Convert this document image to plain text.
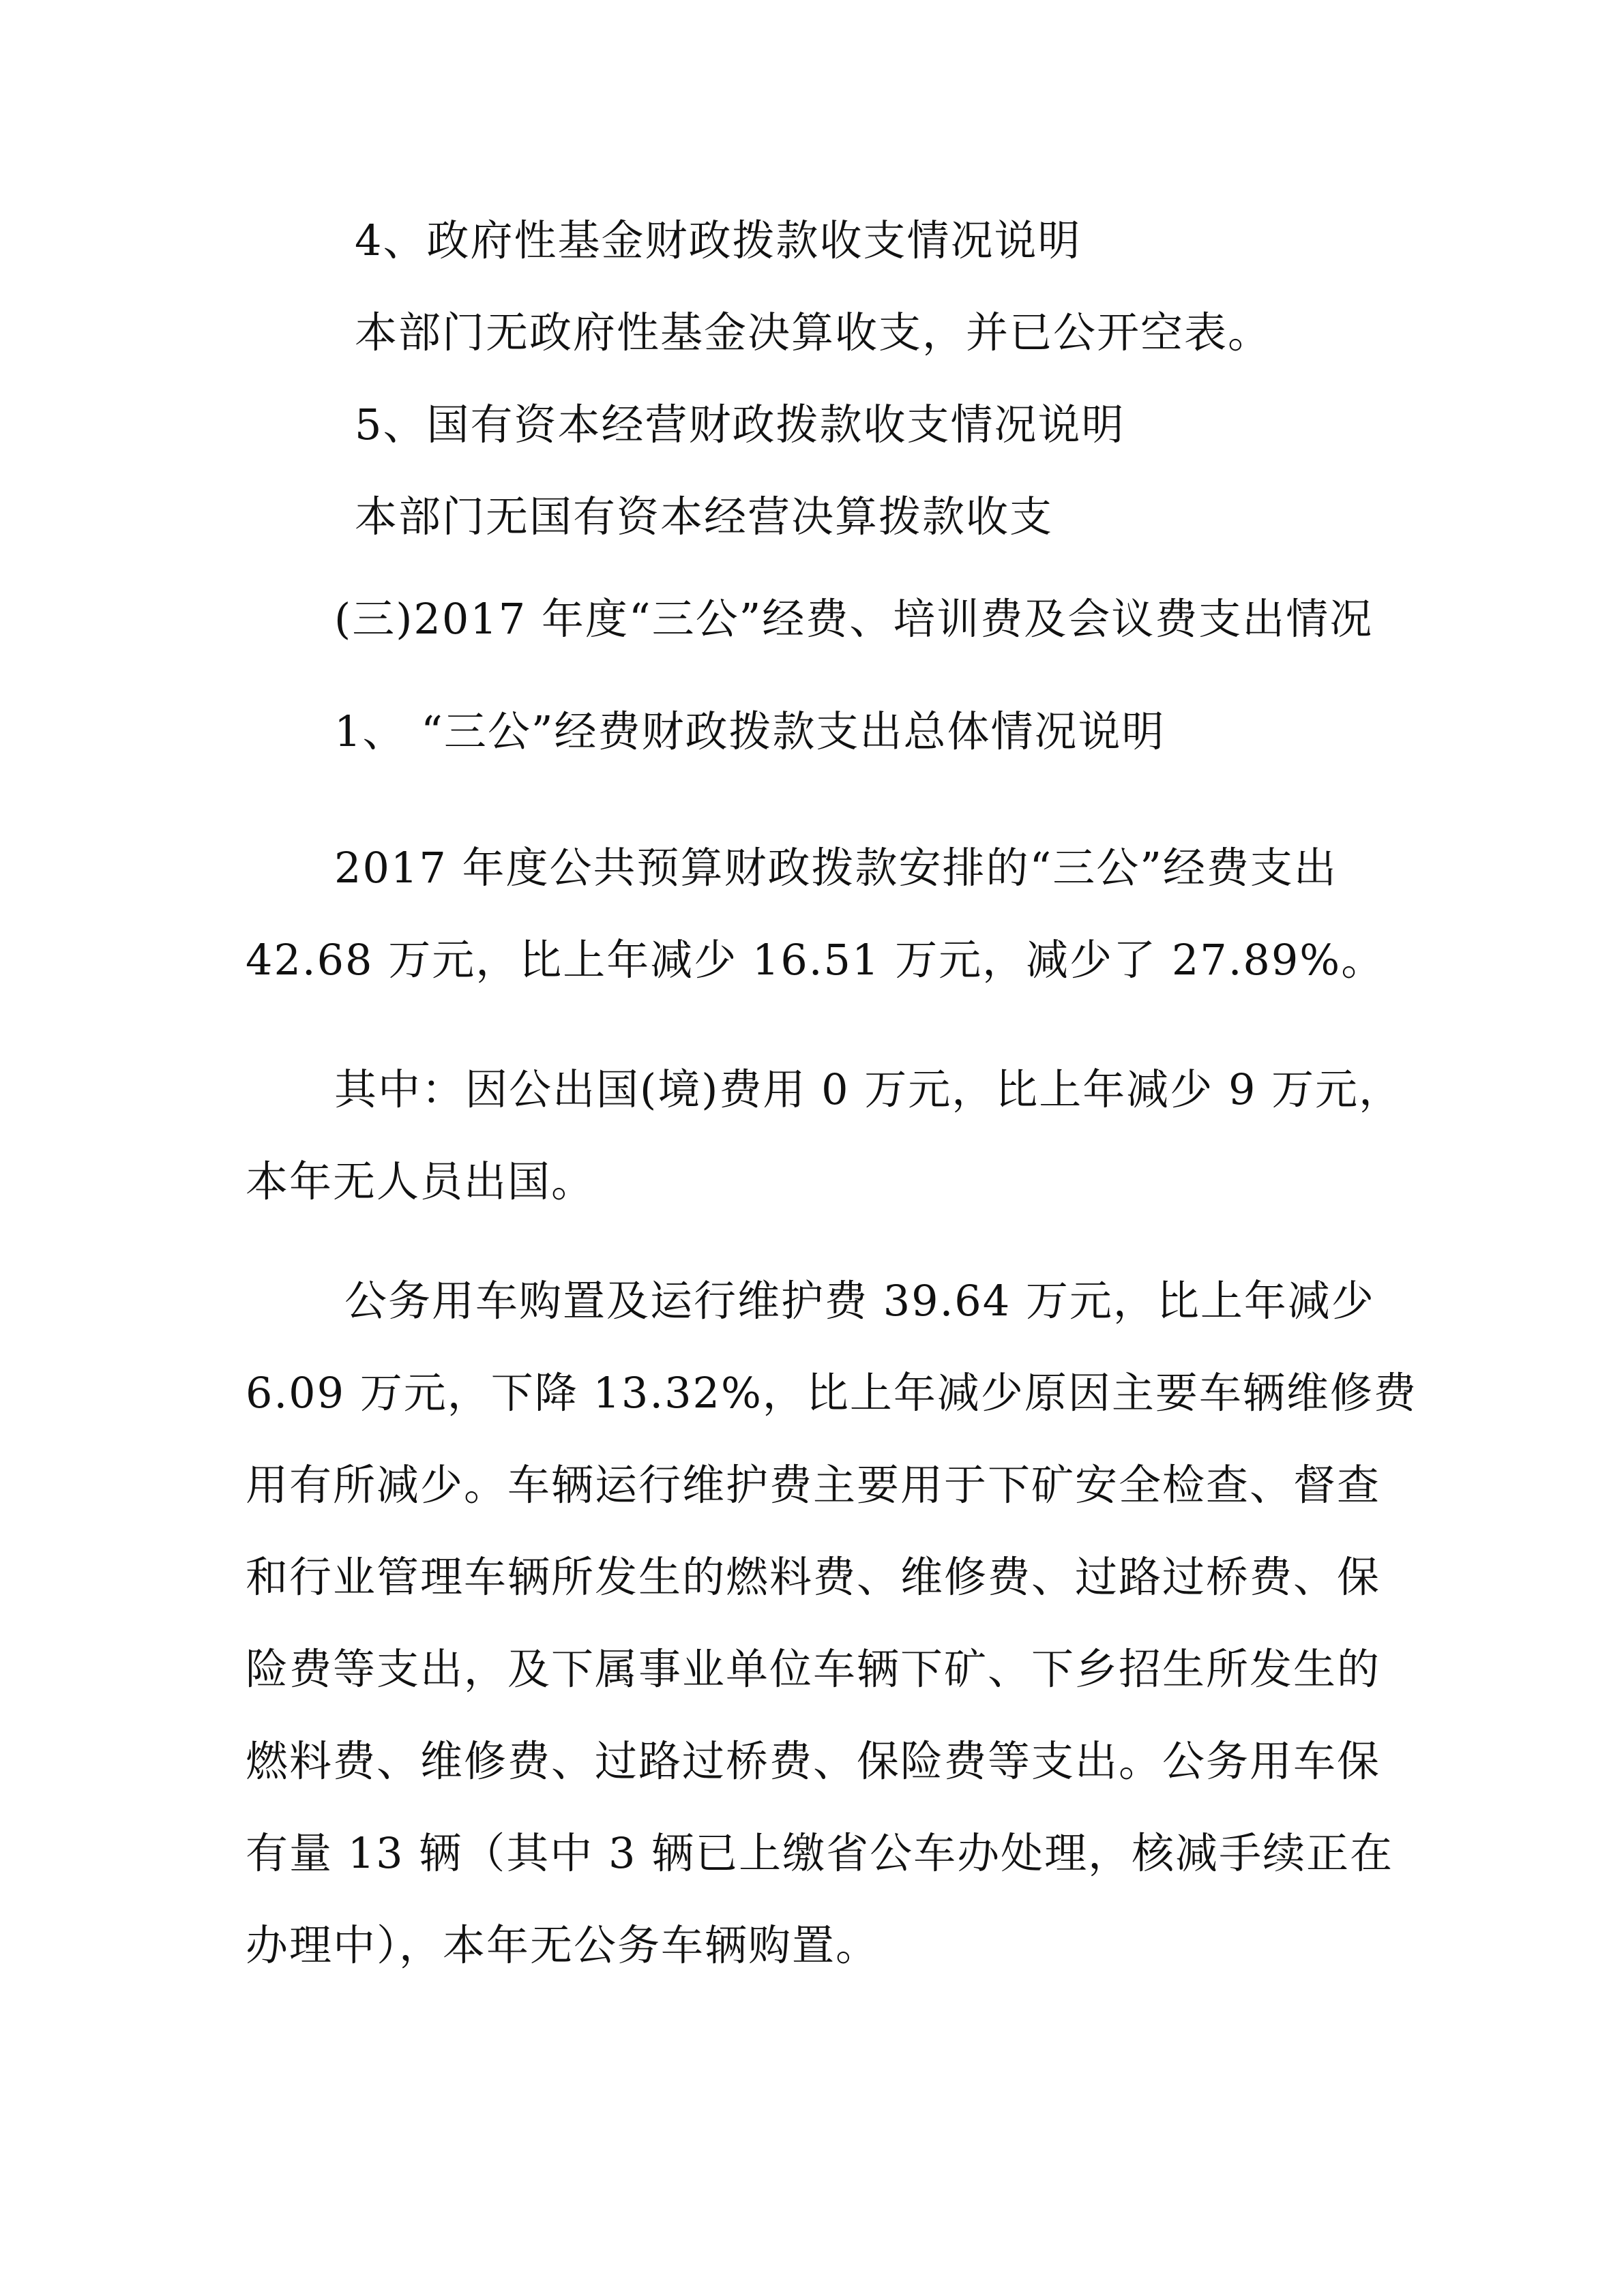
4、政府性基金财政拨款收支情况说明
本部门无政府性基金决算收支，并已公开空表。
5、国有资本经营财政拨款收支情况说明
本部门无国有资本经营决算拨款收支
(三)2017 年度“三公”经费、培训费及会议费支出情况
1、 “三公”经费财政拨款支出总体情况说明
2017 年度公共预算财政拨款安排的“三公”经费支出
42.68 万元，比上年减少 16.51 万元，减少了 27.89%。
其中：因公出国(境)费用 0 万元，比上年减少 9 万元，
本年无人员出国。
公务用车购置及运行维护费 39.64 万元，比上年减少
6.09 万元，下降 13.32%，比上年减少原因主要车辆维修费
用有所减少。车辆运行维护费主要用于下矿安全检查、督查
和行业管理车辆所发生的燃料费、维修费、过路过桥费、保
险费等支出，及下属事业单位车辆下矿、下乡招生所发生的
燃料费、维修费、过路过桥费、保险费等支出。公务用车保
有量 13 辆（其中 3 辆已上缴省公车办处理，核减手续正在
办理中），本年无公务车辆购置。
